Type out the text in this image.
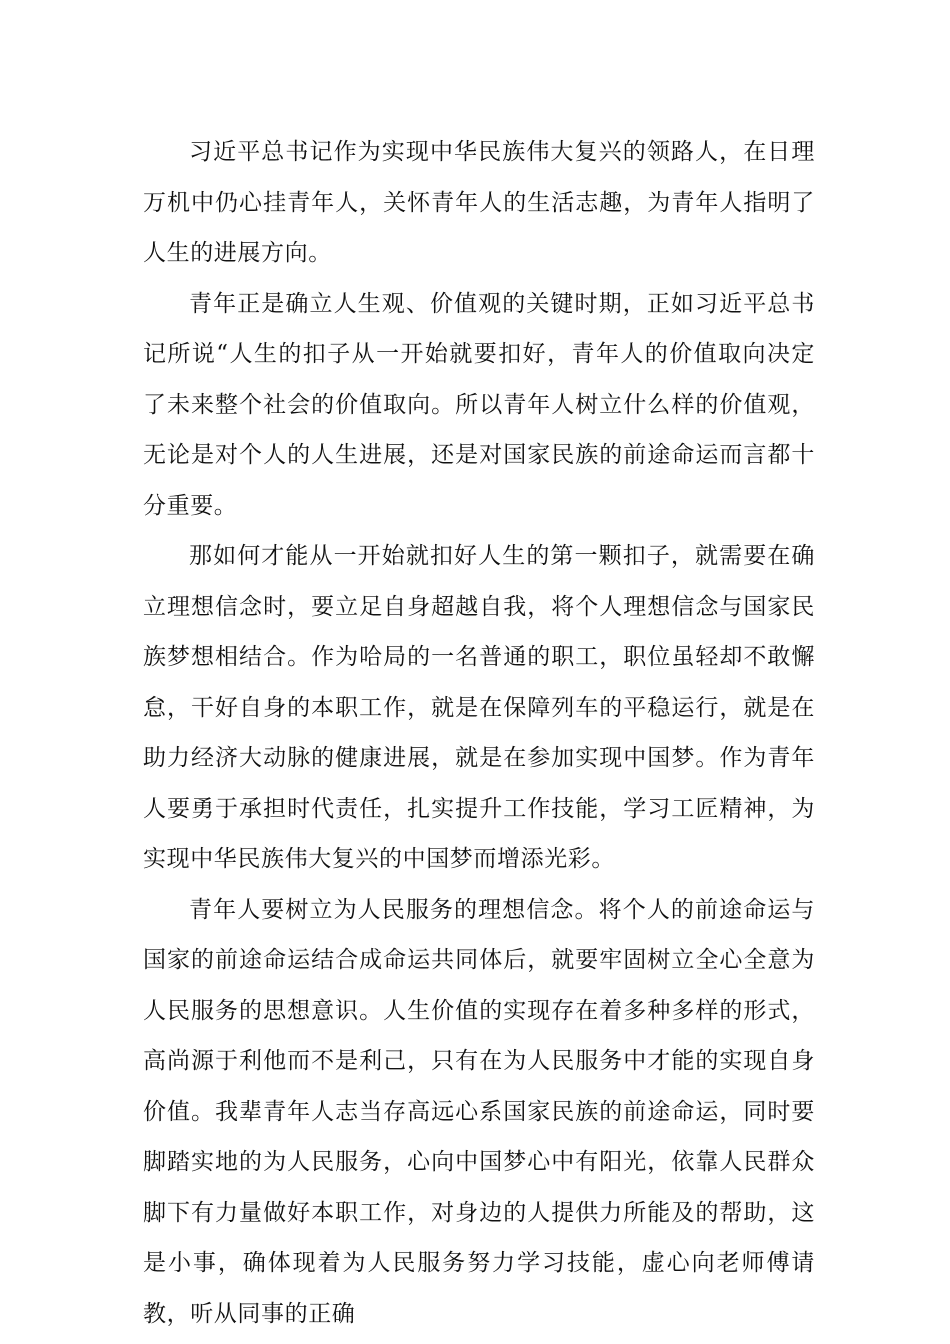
习近平总书记作为实现中华民族伟大复兴的领路人，在日理万机中仍心挂青年人，关怀青年人的生活志趣，为青年人指明了人生的进展方向。

青年正是确立人生观、价值观的关键时期，正如习近平总书记所说“人生的扣子从一开始就要扣好，青年人的价值取向决定了未来整个社会的价值取向。所以青年人树立什么样的价值观，无论是对个人的人生进展，还是对国家民族的前途命运而言都十分重要。

那如何才能从一开始就扣好人生的第一颗扣子，就需要在确立理想信念时，要立足自身超越自我，将个人理想信念与国家民族梦想相结合。作为哈局的一名普通的职工，职位虽轻却不敢懈怠，干好自身的本职工作，就是在保障列车的平稳运行，就是在助力经济大动脉的健康进展，就是在参加实现中国梦。作为青年人要勇于承担时代责任，扎实提升工作技能，学习工匠精神，为实现中华民族伟大复兴的中国梦而增添光彩。

青年人要树立为人民服务的理想信念。将个人的前途命运与国家的前途命运结合成命运共同体后，就要牢固树立全心全意为人民服务的思想意识。人生价值的实现存在着多种多样的形式，高尚源于利他而不是利己，只有在为人民服务中才能的实现自身价值。我辈青年人志当存高远心系国家民族的前途命运，同时要脚踏实地的为人民服务，心向中国梦心中有阳光，依靠人民群众脚下有力量做好本职工作，对身边的人提供力所能及的帮助，这是小事，确体现着为人民服务努力学习技能，虚心向老师傅请教，听从同事的正确
